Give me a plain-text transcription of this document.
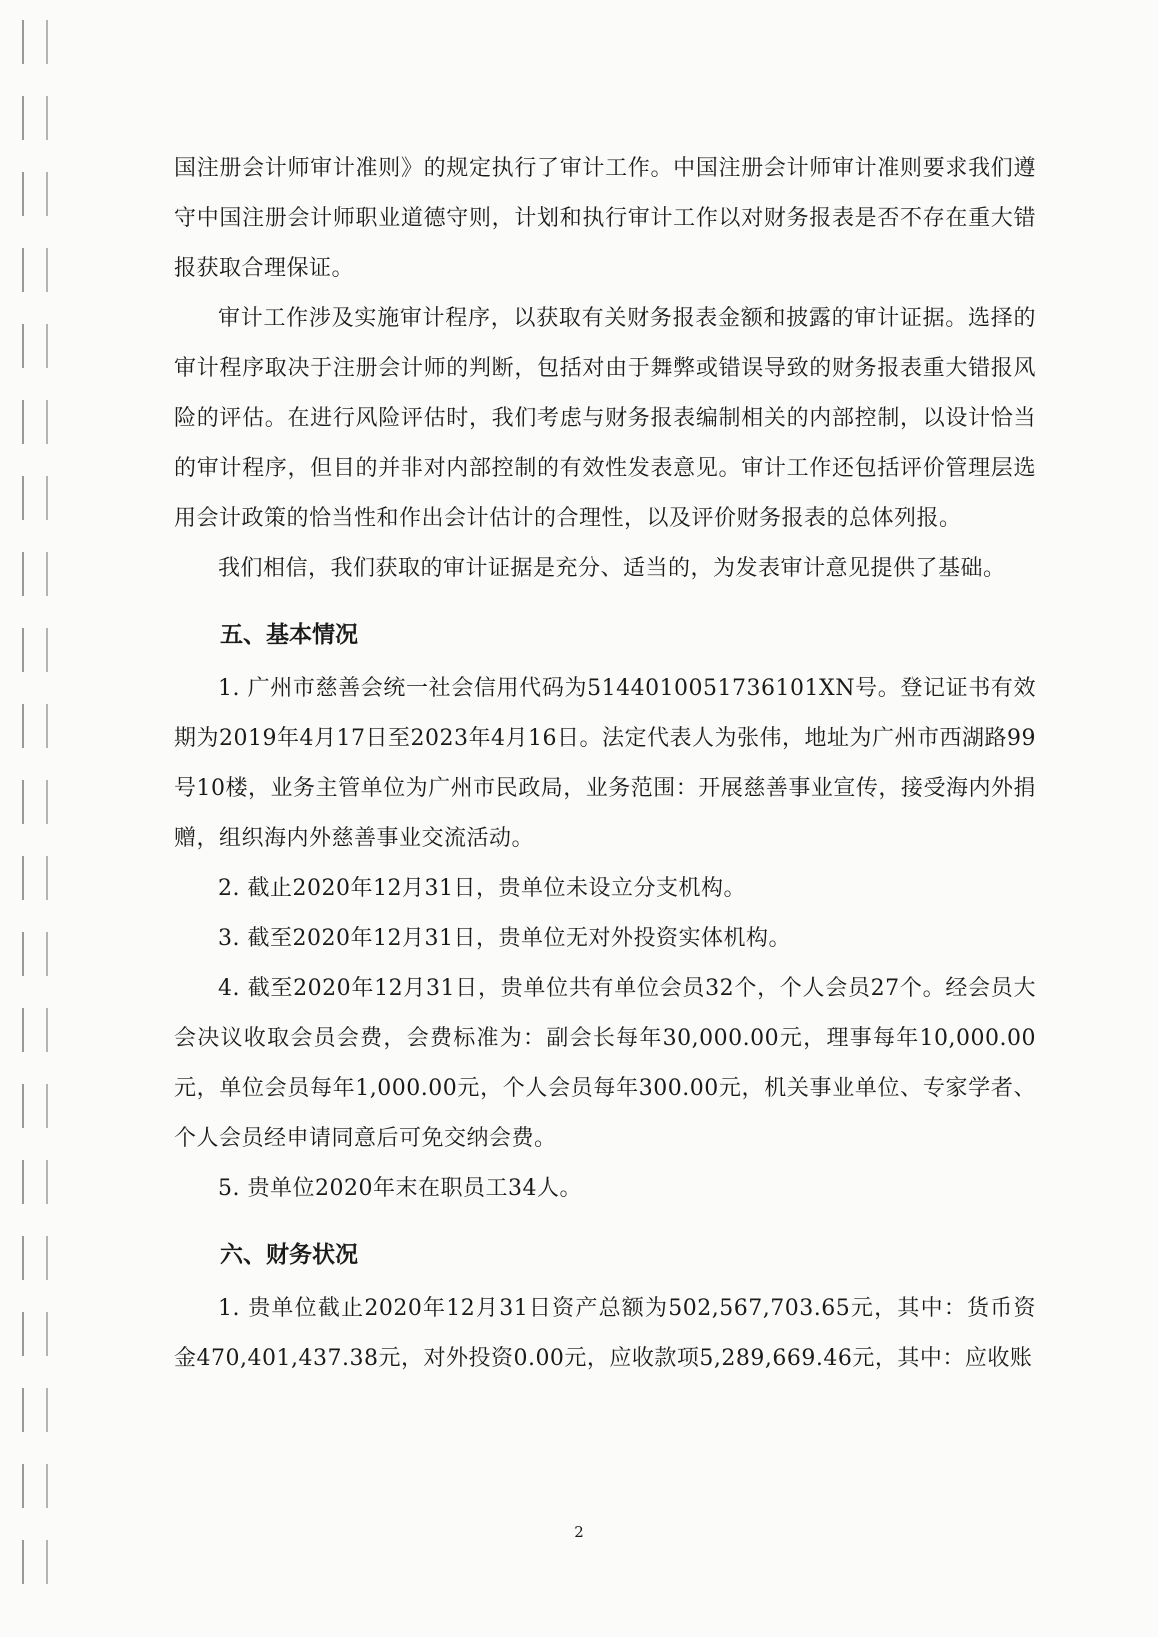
国注册会计师审计准则》的规定执行了审计工作。中国注册会计师审计准则要求我们遵守中国注册会计师职业道德守则，计划和执行审计工作以对财务报表是否不存在重大错报获取合理保证。

审计工作涉及实施审计程序，以获取有关财务报表金额和披露的审计证据。选择的审计程序取决于注册会计师的判断，包括对由于舞弊或错误导致的财务报表重大错报风险的评估。在进行风险评估时，我们考虑与财务报表编制相关的内部控制，以设计恰当的审计程序，但目的并非对内部控制的有效性发表意见。审计工作还包括评价管理层选用会计政策的恰当性和作出会计估计的合理性，以及评价财务报表的总体列报。

我们相信，我们获取的审计证据是充分、适当的，为发表审计意见提供了基础。

五、基本情况

1. 广州市慈善会统一社会信用代码为5144010051736101XN号。登记证书有效期为2019年4月17日至2023年4月16日。法定代表人为张伟，地址为广州市西湖路99号10楼，业务主管单位为广州市民政局，业务范围：开展慈善事业宣传，接受海内外捐赠，组织海内外慈善事业交流活动。

2. 截止2020年12月31日，贵单位未设立分支机构。

3. 截至2020年12月31日，贵单位无对外投资实体机构。

4. 截至2020年12月31日，贵单位共有单位会员32个，个人会员27个。经会员大会决议收取会员会费，会费标准为：副会长每年30,000.00元，理事每年10,000.00元，单位会员每年1,000.00元，个人会员每年300.00元，机关事业单位、专家学者、个人会员经申请同意后可免交纳会费。

5. 贵单位2020年末在职员工34人。

六、财务状况

1. 贵单位截止2020年12月31日资产总额为502,567,703.65元，其中：货币资金470,401,437.38元，对外投资0.00元，应收款项5,289,669.46元，其中：应收账

2
